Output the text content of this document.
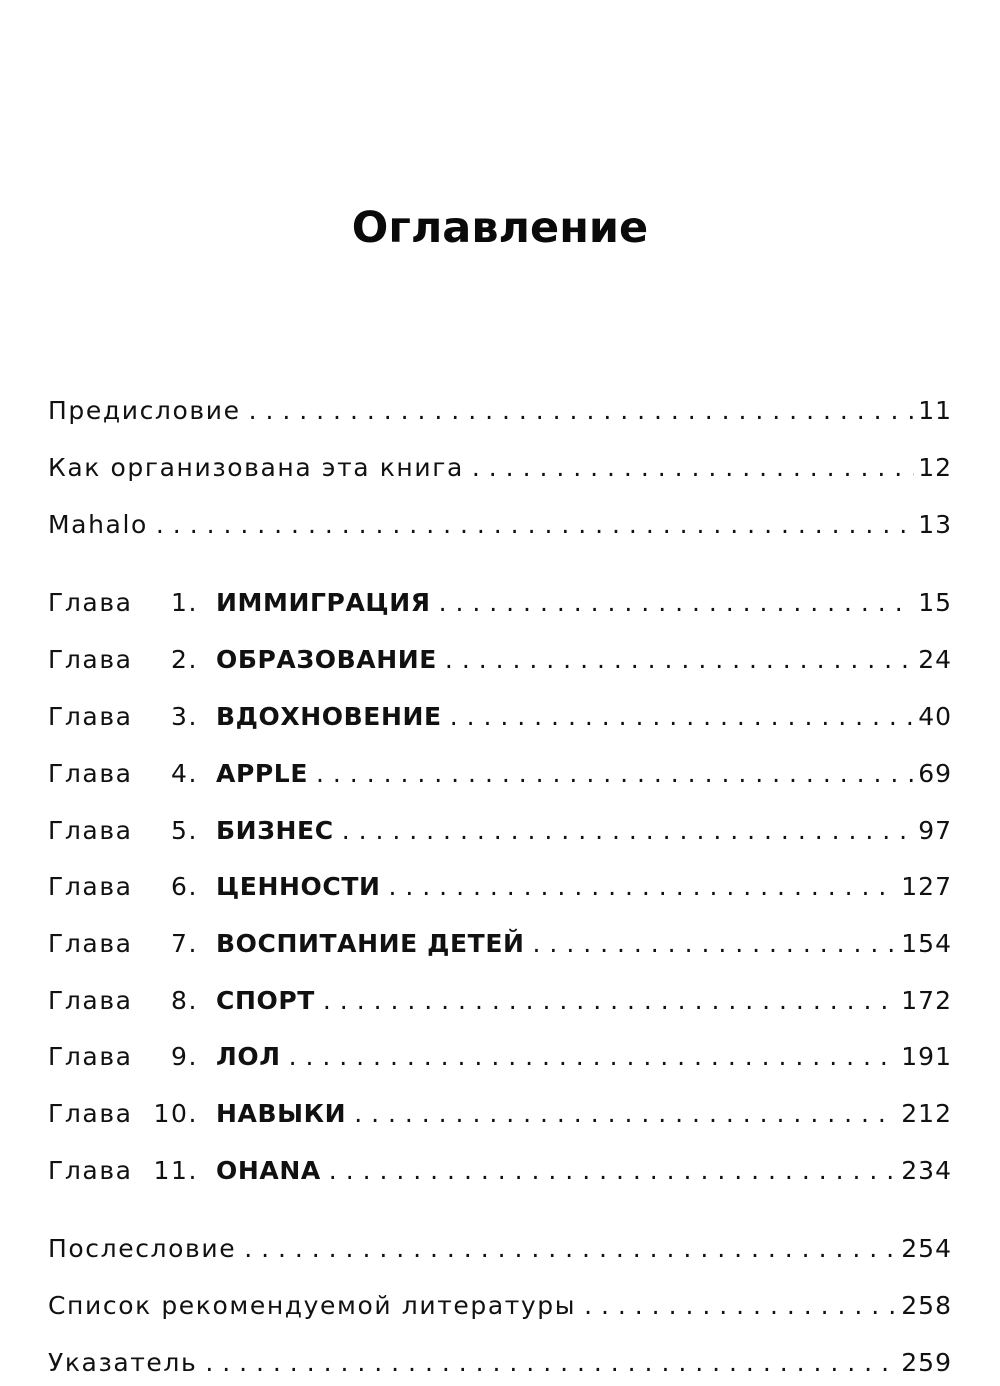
Оглавление
Предисловие . . .	11
Как организована эта книга . . .	12
Mahalo . . .	13
Глава 1. ИММИГРАЦИЯ . . .	15
Глава 2. ОБРАЗОВАНИЕ . . .	24
Глава 3. ВДОХНОВЕНИЕ . . .	40
Глава 4. APPLE . . .	69
Глава 5. БИЗНЕС . . .	97
Глава 6. ЦЕННОСТИ . . .	127
Глава 7. ВОСПИТАНИЕ ДЕТЕЙ . . .	154
Глава 8. СПОРТ . . .	172
Глава 9. ЛОЛ . . .	191
Глава 10. НАВЫКИ . . .	212
Глава 11. OHANA . . .	234
Послесловие . . .	254
Список рекомендуемой литературы . . .	258
Указатель . . .	259
